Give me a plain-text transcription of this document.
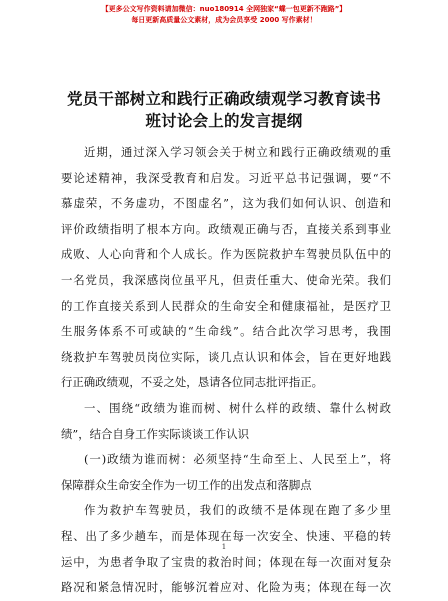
【更多公文写作资料请加微信：nuo180914 全网独家“蝶一包更新不跑路”】
每日更新高质量公文素材，成为会员享受 2000 写作素材！
党员干部树立和践行正确政绩观学习教育读书
班讨论会上的发言提纲
近期，通过深入学习领会关于树立和践行正确政绩观的重
要论述精神，我深受教育和启发。习近平总书记强调，要“不
慕虚荣，不务虚功，不图虚名”，这为我们如何认识、创造和
评价政绩指明了根本方向。政绩观正确与否，直接关系到事业
成败、人心向背和个人成长。作为医院救护车驾驶员队伍中的
一名党员，我深感岗位虽平凡，但责任重大、使命光荣。我们
的工作直接关系到人民群众的生命安全和健康福祉，是医疗卫
生服务体系不可或缺的“生命线”。结合此次学习思考，我围
绕救护车驾驶员岗位实际，谈几点认识和体会，旨在更好地践
行正确政绩观，不妥之处，恳请各位同志批评指正。
一、围绕“政绩为谁而树、树什么样的政绩、靠什么树政
绩”，结合自身工作实际谈谈工作认识
(一)政绩为谁而树：必须坚持“生命至上、人民至上”，将
保障群众生命安全作为一切工作的出发点和落脚点
作为救护车驾驶员，我们的政绩不是体现在跑了多少里
程、出了多少趟车，而是体现在每一次安全、快速、平稳的转
运中，为患者争取了宝贵的救治时间；体现在每一次面对复杂
路况和紧急情况时，能够沉着应对、化险为夷；体现在每一次
1
